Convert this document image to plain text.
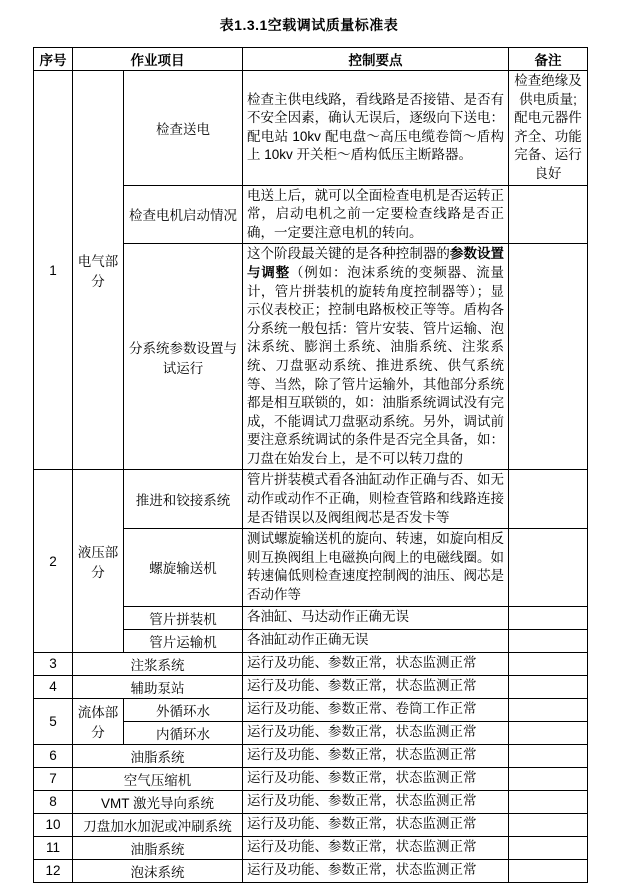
表1.3.1空载调试质量标准表
序号	作业项目		控制要点	备注
1	电气部分	检查送电	检查主供电线路，看线路是否接错、是否有不安全因素，确认无误后，逐级向下送电：配电站 10kv 配电盘～高压电缆卷筒～盾构上 10kv 开关柜～盾构低压主断路器。	检查绝缘及供电质量;配电元器件齐全、功能完备、运行良好
		检查电机启动情况	电送上后，就可以全面检查电机是否运转正常，启动电机之前一定要检查线路是否正确，一定要注意电机的转向。	
		分系统参数设置与试运行	这个阶段最关键的是各种控制器的参数设置与调整（例如：泡沫系统的变频器、流量计，管片拼装机的旋转角度控制器等）；显示仪表校正；控制电路板校正等等。盾构各分系统一般包括：管片安装、管片运输、泡沫系统、膨润土系统、油脂系统、注浆系统、刀盘驱动系统、推进系统、供气系统等、当然，除了管片运输外，其他部分系统都是相互联锁的，如：油脂系统调试没有完成，不能调试刀盘驱动系统。另外，调试前要注意系统调试的条件是否完全具备，如：刀盘在始发台上，是不可以转刀盘的	
2	液压部分	推进和铰接系统	管片拼装模式看各油缸动作正确与否、如无动作或动作不正确，则检查管路和线路连接是否错误以及阀组阀芯是否发卡等	
		螺旋输送机	测试螺旋输送机的旋向、转速，如旋向相反则互换阀组上电磁换向阀上的电磁线圈。如转速偏低则检查速度控制阀的油压、阀芯是否动作等	
		管片拼装机	各油缸、马达动作正确无误	
		管片运输机	各油缸动作正确无误	
3	注浆系统		运行及功能、参数正常，状态监测正常	
4	辅助泵站		运行及功能、参数正常，状态监测正常	
5	流体部分	外循环水	运行及功能、参数正常、卷筒工作正常	
		内循环水	运行及功能、参数正常，状态监测正常	
6	油脂系统		运行及功能、参数正常，状态监测正常	
7	空气压缩机		运行及功能、参数正常，状态监测正常	
8	VMT 激光导向系统		运行及功能、参数正常，状态监测正常	
10	刀盘加水加泥或冲刷系统		运行及功能、参数正常，状态监测正常	
11	油脂系统		运行及功能、参数正常，状态监测正常	
12	泡沫系统		运行及功能、参数正常，状态监测正常	
